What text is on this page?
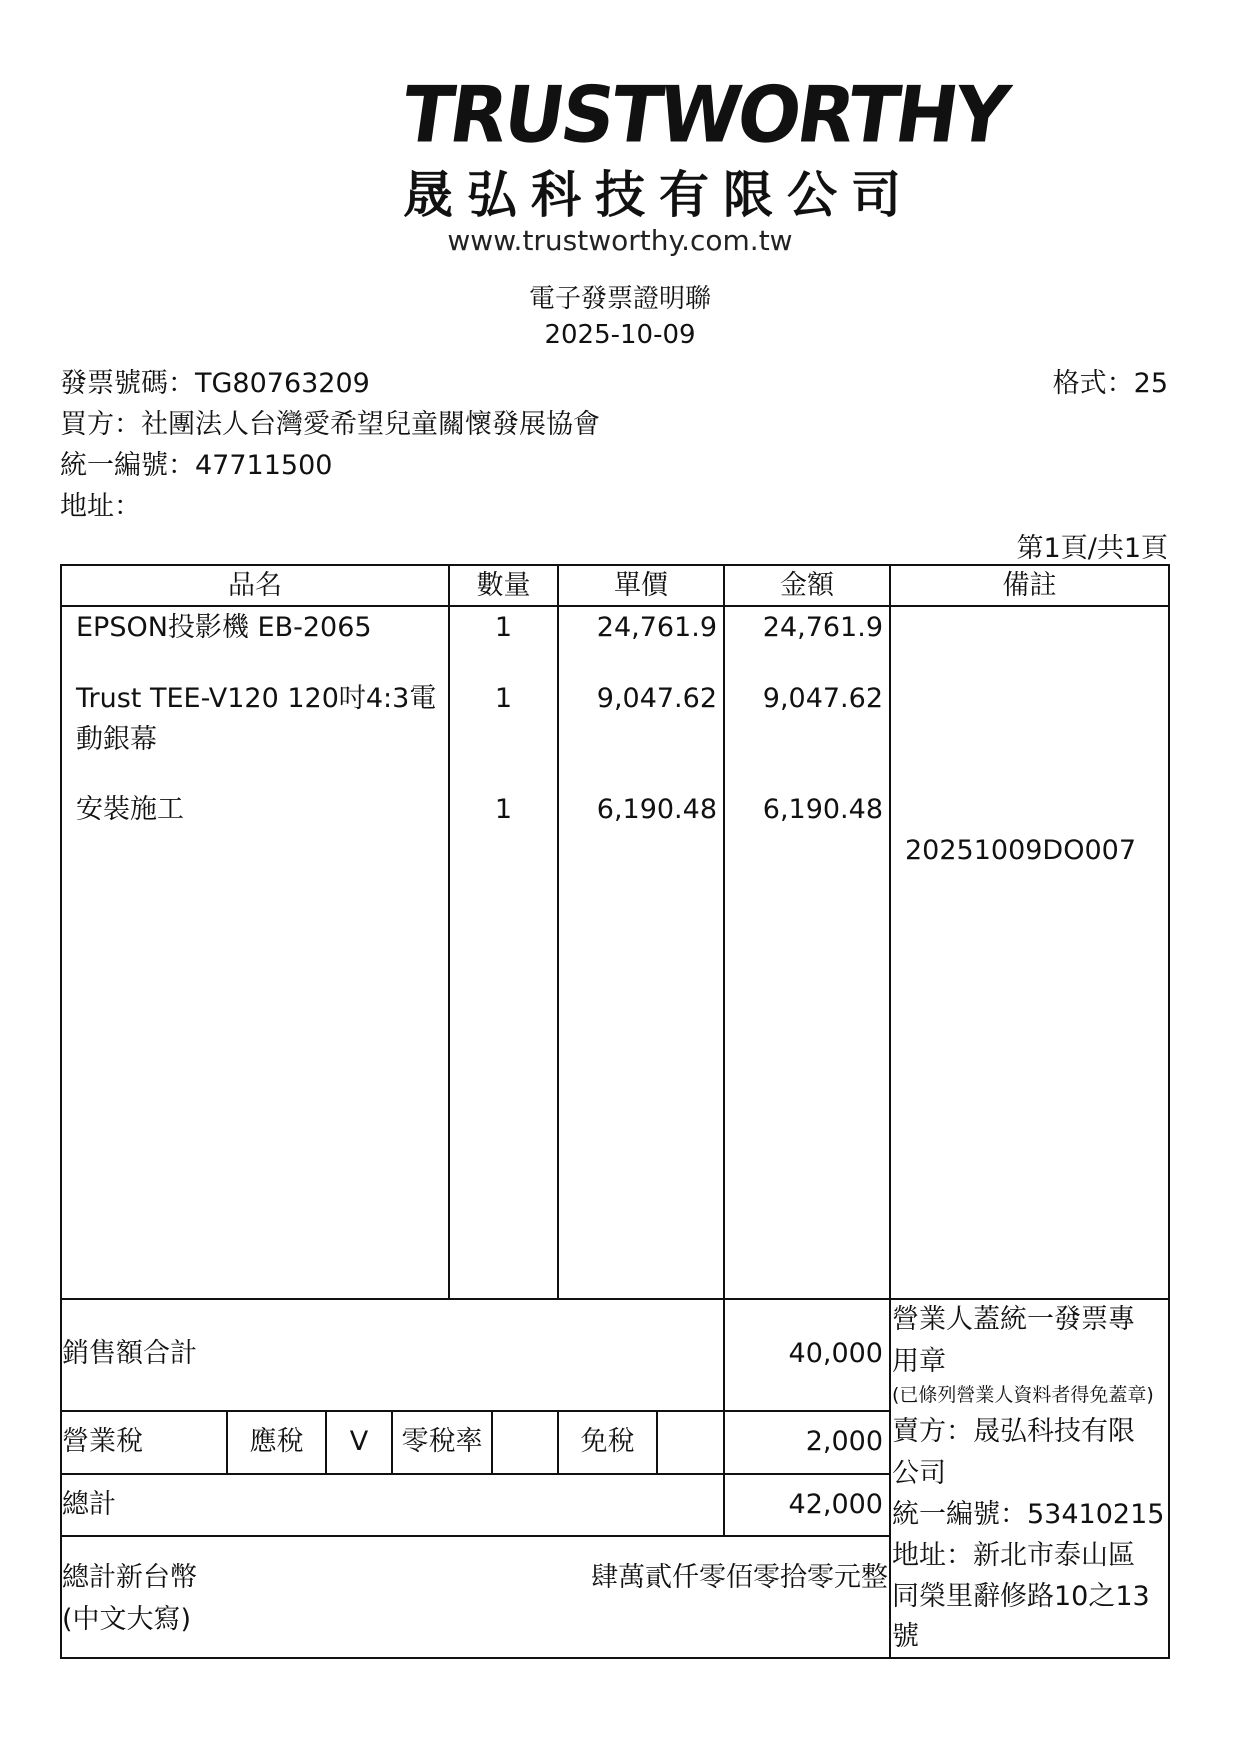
TRUSTWORTHY
晟弘科技有限公司
www.trustworthy.com.tw
電子發票證明聯
2025-10-09
發票號碼：TG80763209	格式：25
買方：社團法人台灣愛希望兒童關懷發展協會
統一編號：47711500
地址：
第1頁/共1頁
品名	數量	單價	金額	備註
EPSON投影機 EB-2065	1	24,761.9	24,761.9
Trust TEE-V120 120吋4:3電
動銀幕
1	9,047.62	9,047.62
安裝施工	1	6,190.48	6,190.48
20251009DO007
銷售額合計	40,000
營業人蓋統一發票專
用章
(已條列營業人資料者得免蓋章)
營業稅	應稅	V	零稅率	免稅	2,000
總計	42,000
總計新台幣
(中文大寫)
肆萬貳仟零佰零拾零元整
賣方：晟弘科技有限
公司
統一編號：53410215
地址：新北市泰山區
同榮里辭修路10之13
號
